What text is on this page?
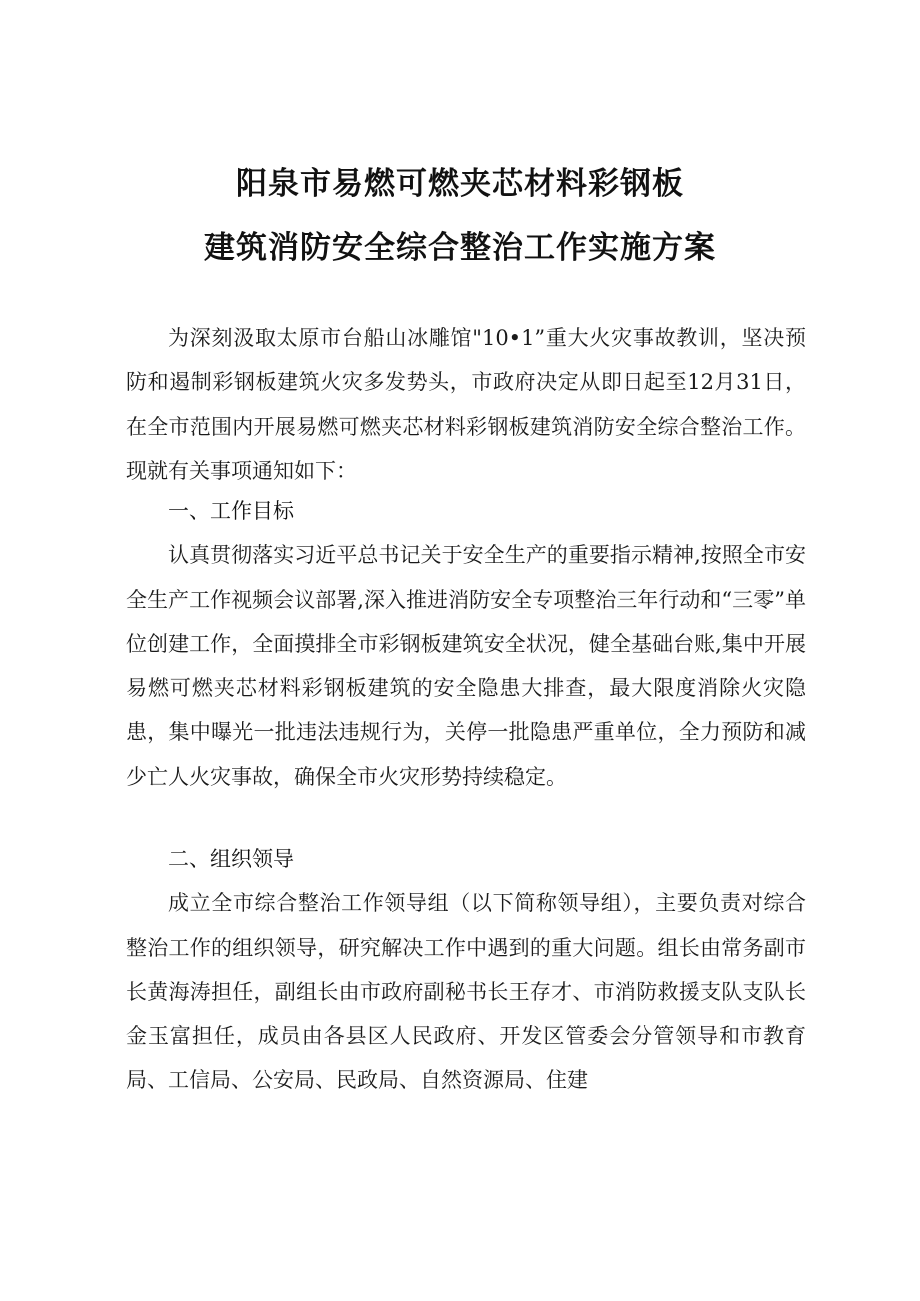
阳泉市易燃可燃夹芯材料彩钢板
建筑消防安全综合整治工作实施方案

为深刻汲取太原市台船山冰雕馆"10•1”重大火灾事故教训，坚决预防和遏制彩钢板建筑火灾多发势头，市政府决定从即日起至12月31日，在全市范围内开展易燃可燃夹芯材料彩钢板建筑消防安全综合整治工作。现就有关事项通知如下：

一、工作目标

认真贯彻落实习近平总书记关于安全生产的重要指示精神,按照全市安全生产工作视频会议部署,深入推进消防安全专项整治三年行动和“三零”单位创建工作，全面摸排全市彩钢板建筑安全状况，健全基础台账,集中开展易燃可燃夹芯材料彩钢板建筑的安全隐患大排查，最大限度消除火灾隐患，集中曝光一批违法违规行为，关停一批隐患严重单位，全力预防和减少亡人火灾事故，确保全市火灾形势持续稳定。

二、组织领导

成立全市综合整治工作领导组（以下简称领导组），主要负责对综合整治工作的组织领导，研究解决工作中遇到的重大问题。组长由常务副市长黄海涛担任，副组长由市政府副秘书长王存才、市消防救援支队支队长金玉富担任，成员由各县区人民政府、开发区管委会分管领导和市教育局、工信局、公安局、民政局、自然资源局、住建
